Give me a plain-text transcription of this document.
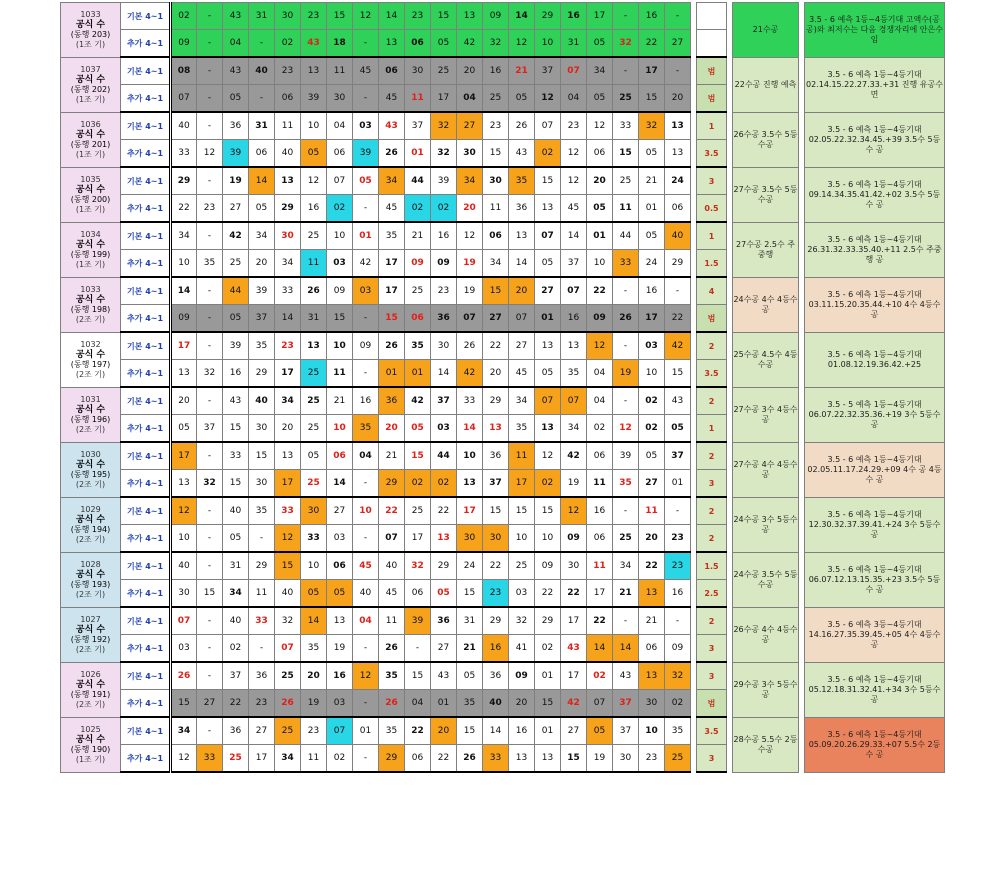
1033
공식 수
(동행 203)
(1조 기)	기본 4~1	02	-	43	31	30	23	15	12	14	23	15	13	09	14	29	16	17	-	16	-				21수공		3.5 - 6 예측 1등~4등기대 고액수(공공)와 최저수는 다음 경쟁자리에 안은수 임
	추가 4~1	09	-	04	-	02	43	18	-	13	06	05	42	32	12	10	31	05	32	22	27						

1037
공식 수
(동행 202)
(1조 기)	기본 4~1	08	-	43	40	23	13	11	45	06	30	25	20	16	21	37	07	34	-	17	-		범		22수공 진행 예측		3.5 - 6 예측 1등~4등기대 02.14.15.22.27.33.+31 진행 유공수면
	추가 4~1	07	-	05	-	06	39	30	-	45	11	17	04	25	05	12	04	05	25	15	20		범				

1036
공식 수
(동행 201)
(1조 기)	기본 4~1	40	-	36	31	11	10	04	03	43	37	32	27	23	26	07	23	12	33	32	13		1		26수공 3.5수 5등수공		3.5 - 6 예측 1등~4등기대 02.05.22.32.34.45.+39 3.5수 5등수 공
	추가 4~1	33	12	39	06	40	05	06	39	26	01	32	30	15	43	02	12	06	15	05	13		3.5				

1035
공식 수
(동행 200)
(1조 기)	기본 4~1	29	-	19	14	13	12	07	05	34	44	39	34	30	35	15	12	20	25	21	24		3		27수공 3.5수 5등수공		3.5 - 6 예측 1등~4등기대 09.14.34.35.41.42.+02 3.5수 5등수 공
	추가 4~1	22	23	27	05	29	16	02	-	45	02	02	20	11	36	13	45	05	11	01	06		0.5				

1034
공식 수
(동행 199)
(1조 기)	기본 4~1	34	-	42	34	30	25	10	01	35	21	16	12	06	13	07	14	01	44	05	40		1		27수공 2.5수 주중행		3.5 - 6 예측 1등~4등기대 26.31.32.33.35.40.+11 2.5수 주중행 공
	추가 4~1	10	35	25	20	34	11	03	42	17	09	09	19	34	14	05	37	10	33	24	29		1.5				

1033
공식 수
(동행 198)
(2조 기)	기본 4~1	14	-	44	39	33	26	09	03	17	25	23	19	15	20	27	07	22	-	16	-		4		24수공 4수 4등수공		3.5 - 6 예측 1등~4등기대 03.11.15.20.35.44.+10 4수 4등수 공
	추가 4~1	09	-	05	37	14	31	15	-	15	06	36	07	27	07	01	16	09	26	17	22		범				

1032
공식 수
(동행 197)
(2조 기)	기본 4~1	17	-	39	35	23	13	10	09	26	35	30	26	22	27	13	13	12	-	03	42		2		25수공 4.5수 4등수공		3.5 - 6 예측 1등~4등기대 01.08.12.19.36.42.+25
	추가 4~1	13	32	16	29	17	25	11	-	01	01	14	42	20	45	05	35	04	19	10	15		3.5				

1031
공식 수
(동행 196)
(2조 기)	기본 4~1	20	-	43	40	34	25	21	16	36	42	37	33	29	34	07	07	04	-	02	43		2		27수공 3수 4등수공		3.5 - 5 예측 1등~4등기대 06.07.22.32.35.36.+19 3수 5등수 공
	추가 4~1	05	37	15	30	20	25	10	35	20	05	03	14	13	35	13	34	02	12	02	05		1				

1030
공식 수
(동행 195)
(2조 기)	기본 4~1	17	-	33	15	13	05	06	04	21	15	44	10	36	11	12	42	06	39	05	37		2		27수공 4수 4등수공		3.5 - 6 예측 1등~4등기대 02.05.11.17.24.29.+09 4수 공 4등수 공
	추가 4~1	13	32	15	30	17	25	14	-	29	02	02	13	37	17	02	19	11	35	27	01		3				

1029
공식 수
(동행 194)
(2조 기)	기본 4~1	12	-	40	35	33	30	27	10	22	25	22	17	15	15	15	12	16	-	11	-		2		24수공 3수 5등수공		3.5 - 6 예측 1등~4등기대 12.30.32.37.39.41.+24 3수 5등수 공
	추가 4~1	10	-	05	-	12	33	03	-	07	17	13	30	30	10	10	09	06	25	20	23		2				

1028
공식 수
(동행 193)
(2조 기)	기본 4~1	40	-	31	29	15	10	06	45	40	32	29	24	22	25	09	30	11	34	22	23		1.5		24수공 3.5수 5등수공		3.5 - 6 예측 1등~4등기대 06.07.12.13.15.35.+23 3.5수 5등수 공
	추가 4~1	30	15	34	11	40	05	05	40	45	06	05	15	23	03	22	22	17	21	13	16		2.5				

1027
공식 수
(동행 192)
(2조 기)	기본 4~1	07	-	40	33	32	14	13	04	11	39	36	31	29	32	29	17	22	-	21	-		2		26수공 4수 4등수공		3.5 - 6 예측 3등~4등기대 14.16.27.35.39.45.+05 4수 4등수 공
	추가 4~1	03	-	02	-	07	35	19	-	26	-	27	21	16	41	02	43	14	14	06	09		3				

1026
공식 수
(동행 191)
(2조 기)	기본 4~1	26	-	37	36	25	20	16	12	35	15	43	05	36	09	01	17	02	43	13	32		3		29수공 3수 5등수공		3.5 - 6 예측 1등~4등기대 05.12.18.31.32.41.+34 3수 5등수 공
	추가 4~1	15	27	22	23	26	19	03	-	26	04	01	35	40	20	15	42	07	37	30	02		범				

1025
공식 수
(동행 190)
(1조 기)	기본 4~1	34	-	36	27	25	23	07	01	35	22	20	15	14	16	01	27	05	37	10	35		3.5		28수공 5.5수 2등수공		3.5 - 6 예측 1등~4등기대 05.09.20.26.29.33.+07 5.5수 2등수 공
	추가 4~1	12	33	25	17	34	11	02	-	29	06	22	26	33	13	13	15	19	30	23	25		3				
